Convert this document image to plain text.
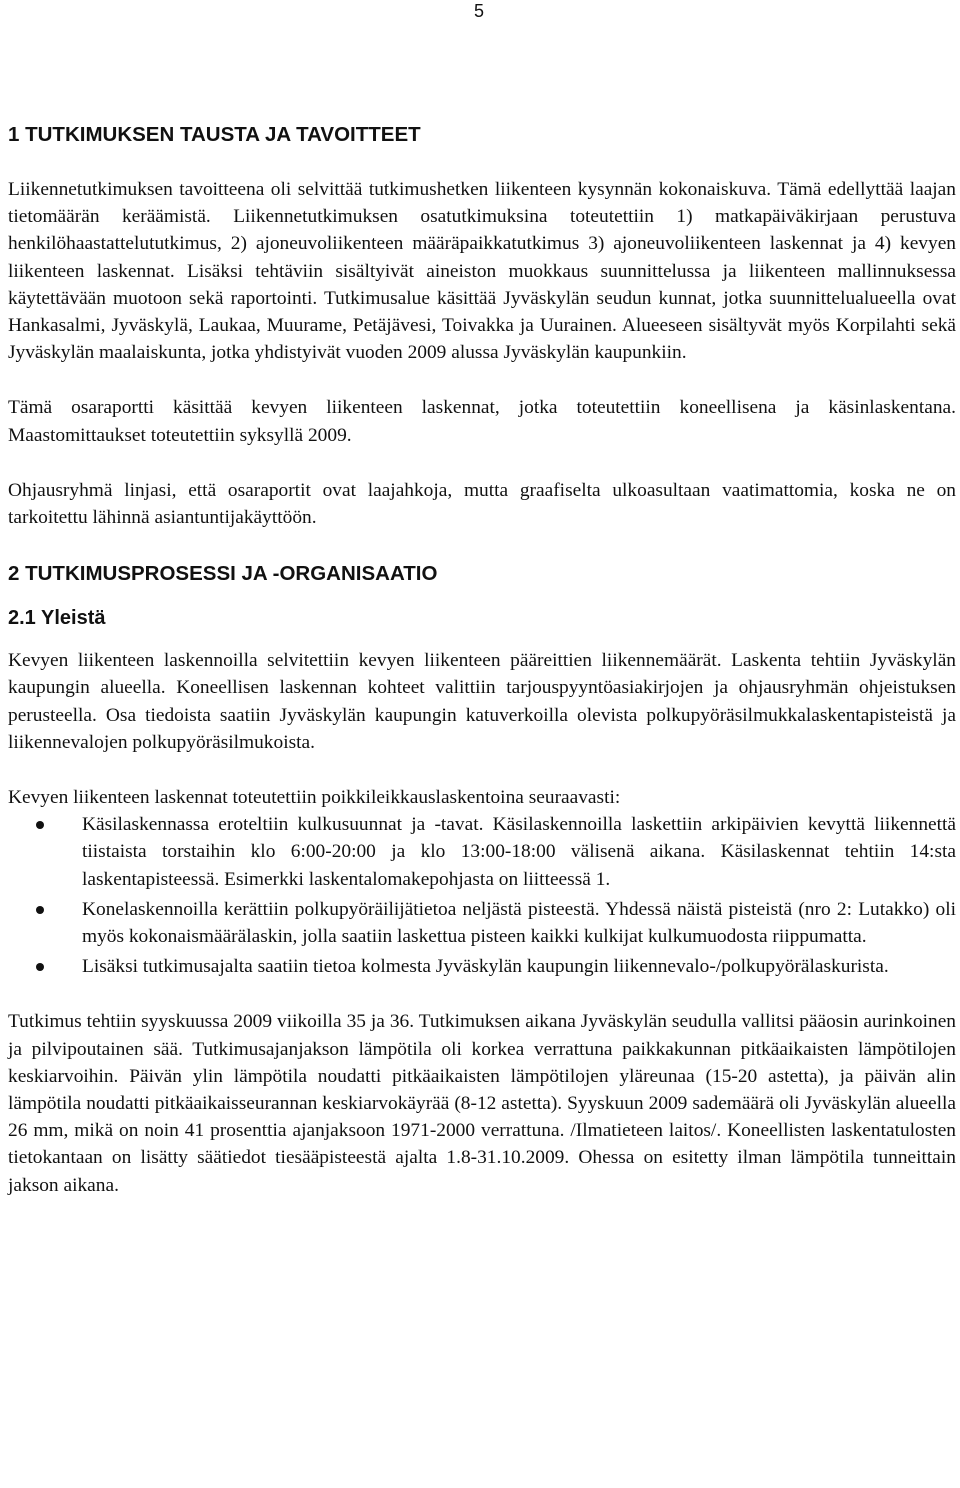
5
1 TUTKIMUKSEN TAUSTA JA TAVOITTEET

Liikennetutkimuksen tavoitteena oli selvittää tutkimushetken liikenteen kysynnän kokonaiskuva. Tämä edellyttää laajan tietomäärän keräämistä. Liikennetutkimuksen osatutkimuksina toteutettiin 1) matkapäiväkirjaan perustuva henkilöhaastattelututkimus, 2) ajoneuvoliikenteen määräpaikkatutkimus 3) ajoneuvoliikenteen laskennat ja 4) kevyen liikenteen laskennat. Lisäksi tehtäviin sisältyivät aineiston muokkaus suunnittelussa ja liikenteen mallinnuksessa käytettävään muotoon sekä raportointi. Tutkimusalue käsittää Jyväskylän seudun kunnat, jotka suunnittelualueella ovat Hankasalmi, Jyväskylä, Laukaa, Muurame, Petäjävesi, Toivakka ja Uurainen. Alueeseen sisältyvät myös Korpilahti sekä Jyväskylän maalaiskunta, jotka yhdistyivät vuoden 2009 alussa Jyväskylän kaupunkiin.

Tämä osaraportti käsittää kevyen liikenteen laskennat, jotka toteutettiin koneellisena ja käsinlaskentana. Maastomittaukset toteutettiin syksyllä 2009.

Ohjausryhmä linjasi, että osaraportit ovat laajahkoja, mutta graafiselta ulkoasultaan vaatimattomia, koska ne on tarkoitettu lähinnä asiantuntijakäyttöön.

2 TUTKIMUSPROSESSI JA -ORGANISAATIO
2.1 Yleistä

Kevyen liikenteen laskennoilla selvitettiin kevyen liikenteen pääreittien liikennemäärät. Laskenta tehtiin Jyväskylän kaupungin alueella. Koneellisen laskennan kohteet valittiin tarjouspyyntöasiakirjojen ja ohjausryhmän ohjeistuksen perusteella. Osa tiedoista saatiin Jyväskylän kaupungin katuverkoilla olevista polkupyöräsilmukkalaskentapisteistä ja liikennevalojen polkupyöräsilmukoista.

Kevyen liikenteen laskennat toteutettiin poikkileikkauslaskentoina seuraavasti:

Käsilaskennassa eroteltiin kulkusuunnat ja -tavat. Käsilaskennoilla laskettiin arkipäivien kevyttä liikennettä tiistaista torstaihin klo 6:00-20:00 ja klo 13:00-18:00 välisenä aikana. Käsilaskennat tehtiin 14:sta laskentapisteessä. Esimerkki laskentalomakepohjasta on liitteessä 1.
Konelaskennoilla kerättiin polkupyöräilijätietoa neljästä pisteestä. Yhdessä näistä pisteistä (nro 2: Lutakko) oli myös kokonaismäärälaskin, jolla saatiin laskettua pisteen kaikki kulkijat kulkumuodosta riippumatta.
Lisäksi tutkimusajalta saatiin tietoa kolmesta Jyväskylän kaupungin liikennevalo-/polkupyörälaskurista.

Tutkimus tehtiin syyskuussa 2009 viikoilla 35 ja 36. Tutkimuksen aikana Jyväskylän seudulla vallitsi pääosin aurinkoinen ja pilvipoutainen sää. Tutkimusajanjakson lämpötila oli korkea verrattuna paikkakunnan pitkäaikaisten lämpötilojen keskiarvoihin. Päivän ylin lämpötila noudatti pitkäaikaisten lämpötilojen yläreunaa (15-20 astetta), ja päivän alin lämpötila noudatti pitkäaikaisseurannan keskiarvokäyrää (8-12 astetta). Syyskuun 2009 sademäärä oli Jyväskylän alueella 26 mm, mikä on noin 41 prosenttia ajanjaksoon 1971-2000 verrattuna. /Ilmatieteen laitos/. Koneellisten laskentatulosten tietokantaan on lisätty säätiedot tiesääpisteestä ajalta 1.8-31.10.2009. Ohessa on esitetty ilman lämpötila tunneittain jakson aikana.
